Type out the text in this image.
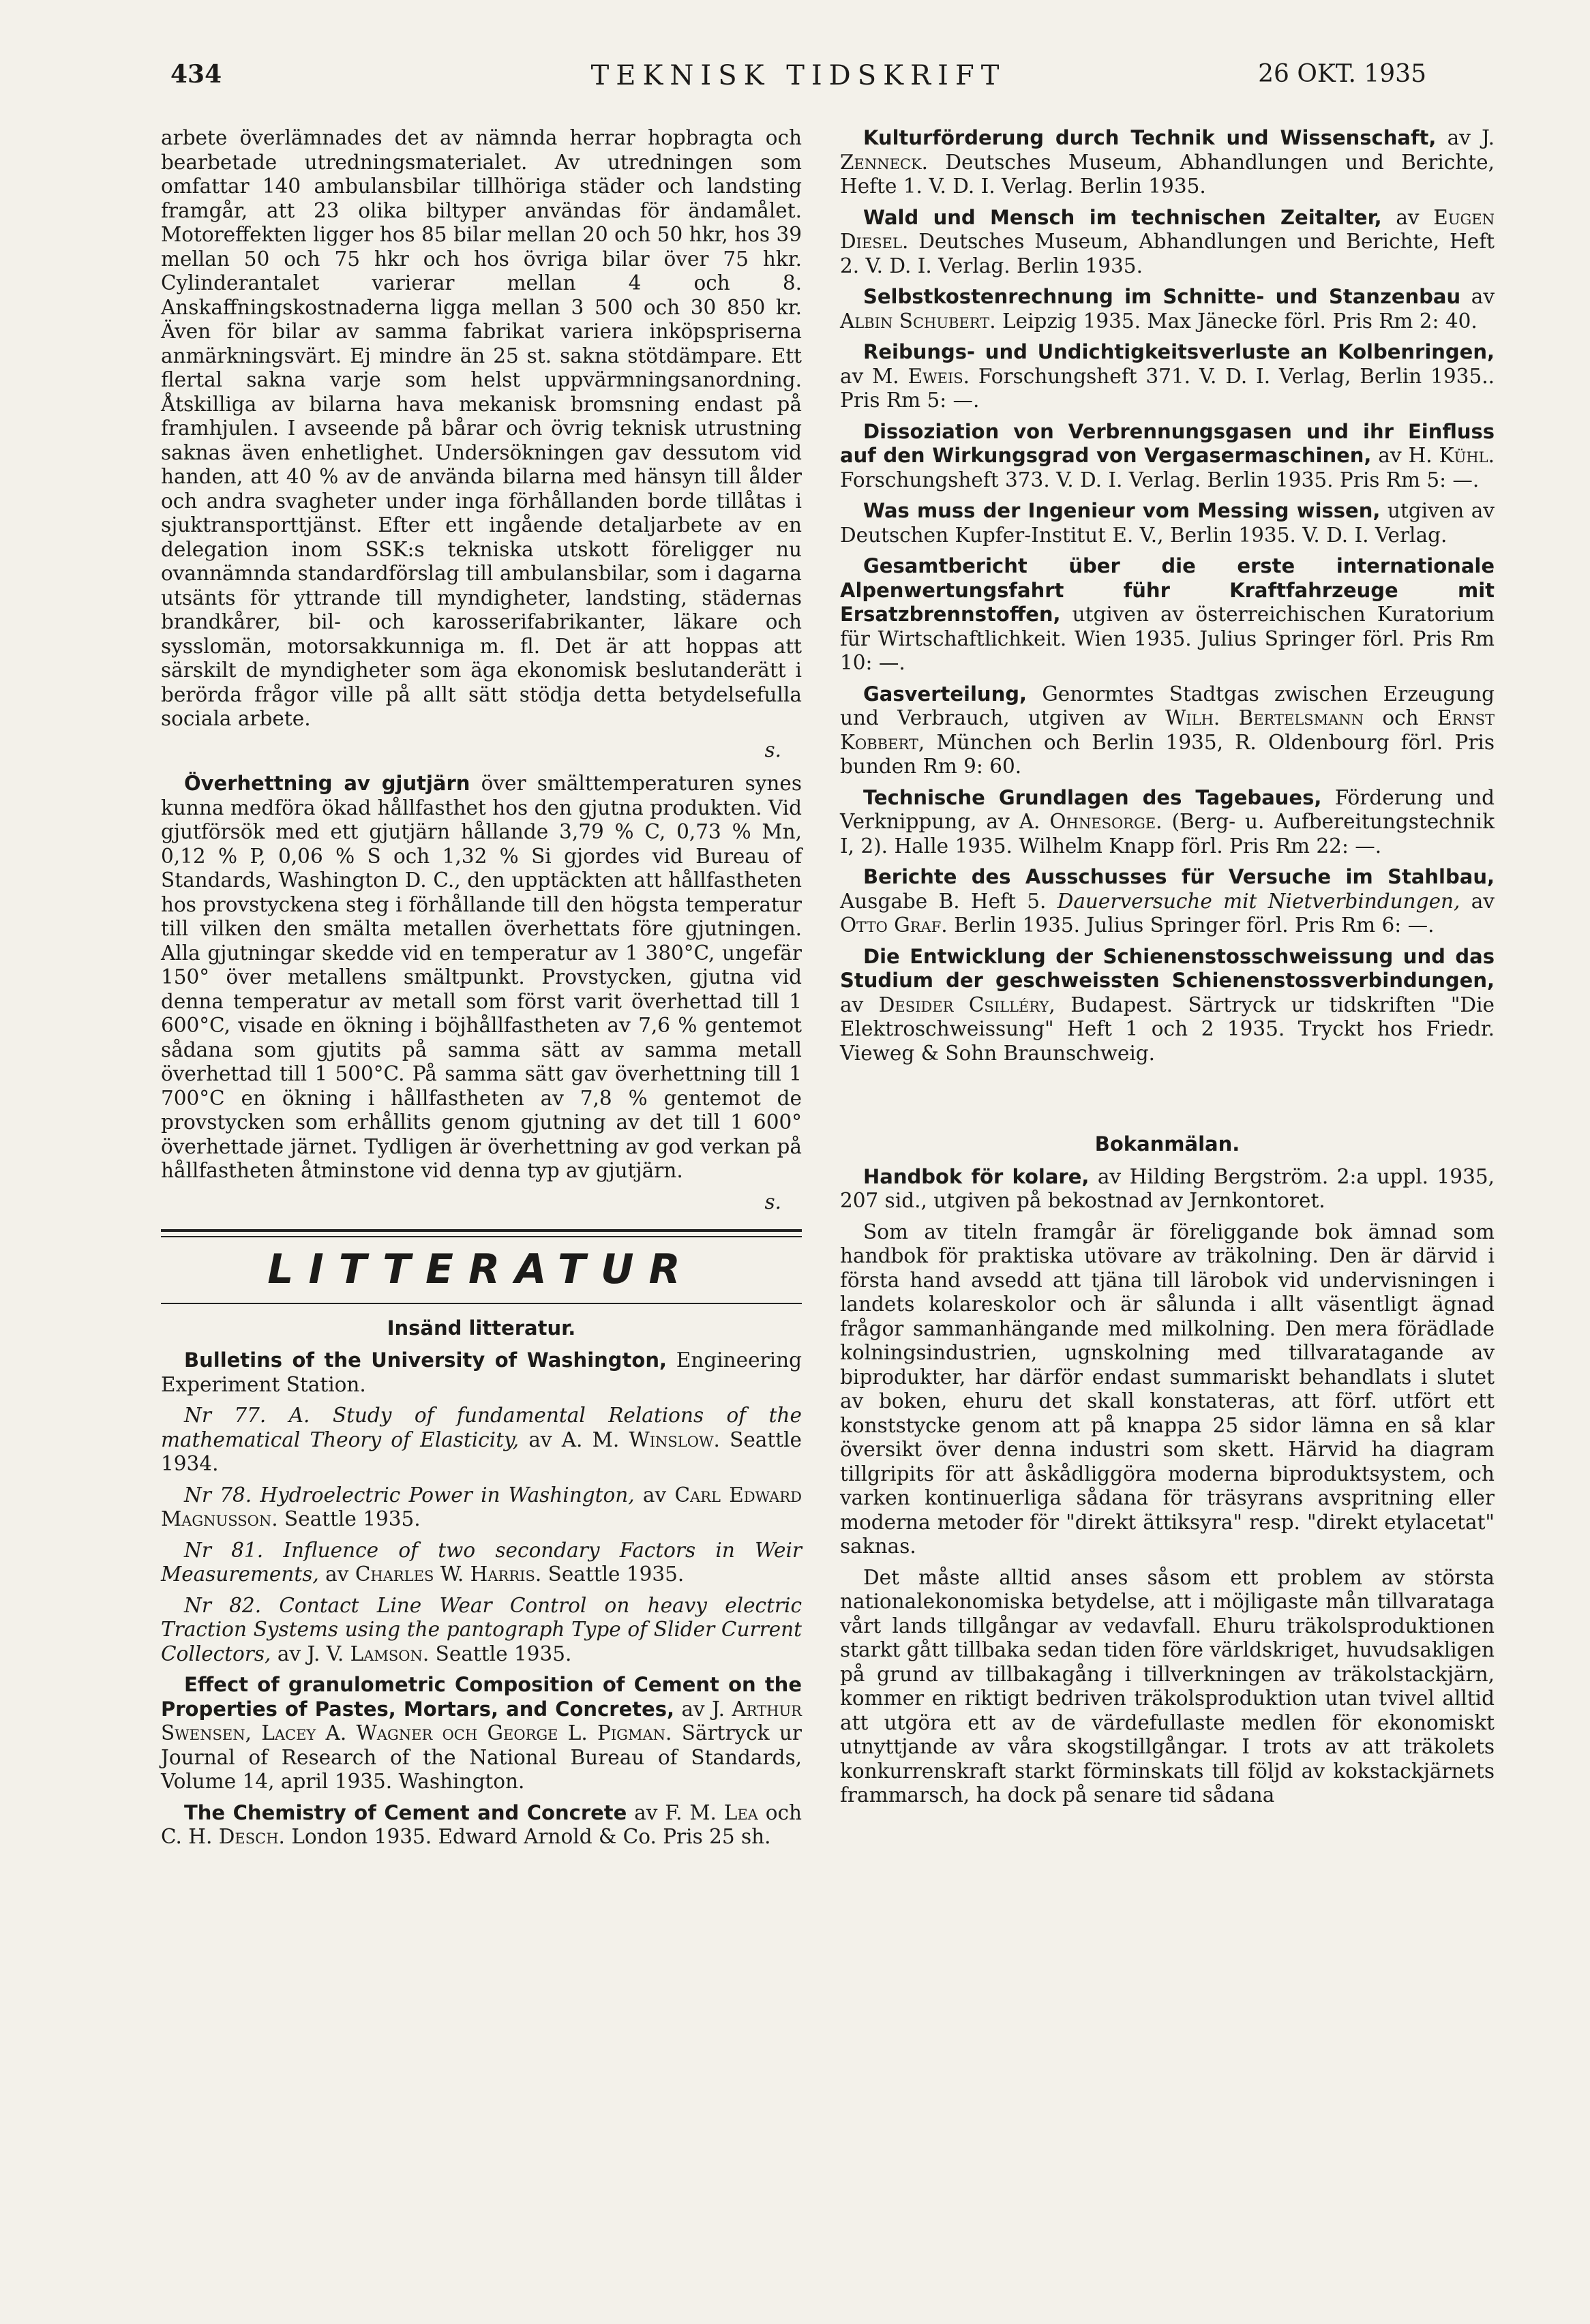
434	TEKNISK TIDSKRIFT	26 OKT. 1935

arbete överlämnades det av nämnda herrar hopbragta och bearbetade utredningsmaterialet. Av utredningen som omfattar 140 ambulansbilar tillhöriga städer och landsting framgår, att 23 olika biltyper användas för ändamålet. Motoreffekten ligger hos 85 bilar mellan 20 och 50 hkr, hos 39 mellan 50 och 75 hkr och hos övriga bilar över 75 hkr. Cylinderantalet varierar mellan 4 och 8. Anskaffningskostnaderna ligga mellan 3 500 och 30 850 kr. Även för bilar av samma fabrikat variera inköpspriserna anmärkningsvärt. Ej mindre än 25 st. sakna stötdämpare. Ett flertal sakna varje som helst uppvärmningsanordning. Åtskilliga av bilarna hava mekanisk bromsning endast på framhjulen. I avseende på bårar och övrig teknisk utrustning saknas även enhetlighet. Undersökningen gav dessutom vid handen, att 40 % av de använda bilarna med hänsyn till ålder och andra svagheter under inga förhållanden borde tillåtas i sjuktransporttjänst. Efter ett ingående detaljarbete av en delegation inom SSK:s tekniska utskott föreligger nu ovannämnda standardförslag till ambulansbilar, som i dagarna utsänts för yttrande till myndigheter, landsting, städernas brandkårer, bil- och karosserifabrikanter, läkare och sysslomän, motorsakkunniga m. fl. Det är att hoppas att särskilt de myndigheter som äga ekonomisk beslutanderätt i berörda frågor ville på allt sätt stödja detta betydelsefulla sociala arbete.

s.

Överhettning av gjutjärn över smälttemperaturen synes kunna medföra ökad hållfasthet hos den gjutna produkten. Vid gjutförsök med ett gjutjärn hållande 3,79 % C, 0,73 % Mn, 0,12 % P, 0,06 % S och 1,32 % Si gjordes vid Bureau of Standards, Washington D. C., den upptäckten att hållfastheten hos provstyckena steg i förhållande till den högsta temperatur till vilken den smälta metallen överhettats före gjutningen. Alla gjutningar skedde vid en temperatur av 1 380°C, ungefär 150° över metallens smältpunkt. Provstycken, gjutna vid denna temperatur av metall som först varit överhettad till 1 600°C, visade en ökning i böjhållfastheten av 7,6 % gentemot sådana som gjutits på samma sätt av samma metall överhettad till 1 500°C. På samma sätt gav överhettning till 1 700°C en ökning i hållfastheten av 7,8 % gentemot de provstycken som erhållits genom gjutning av det till 1 600° överhettade järnet. Tydligen är överhettning av god verkan på hållfastheten åtminstone vid denna typ av gjutjärn.

s.
LITTERATUR
Insänd litteratur.

Bulletins of the University of Washington, Engineering Experiment Station.

Nr 77. A. Study of fundamental Relations of the mathematical Theory of Elasticity, av A. M. Winslow. Seattle 1934.

Nr 78. Hydroelectric Power in Washington, av Carl Edward Magnusson. Seattle 1935.

Nr 81. Influence of two secondary Factors in Weir Measurements, av Charles W. Harris. Seattle 1935.

Nr 82. Contact Line Wear Control on heavy electric Traction Systems using the pantograph Type of Slider Current Collectors, av J. V. Lamson. Seattle 1935.

Effect of granulometric Composition of Cement on the Properties of Pastes, Mortars, and Concretes, av J. Arthur Swensen, Lacey A. Wagner och George L. Pigman. Särtryck ur Journal of Research of the National Bureau of Standards, Volume 14, april 1935. Washington.

The Chemistry of Cement and Concrete av F. M. Lea och C. H. Desch. London 1935. Edward Arnold & Co. Pris 25 sh.

Kulturförderung durch Technik und Wissenschaft, av J. Zenneck. Deutsches Museum, Abhandlungen und Berichte, Hefte 1. V. D. I. Verlag. Berlin 1935.

Wald und Mensch im technischen Zeitalter, av Eugen Diesel. Deutsches Museum, Abhandlungen und Berichte, Heft 2. V. D. I. Verlag. Berlin 1935.

Selbstkostenrechnung im Schnitte- und Stanzenbau av Albin Schubert. Leipzig 1935. Max Jänecke förl. Pris Rm 2: 40.

Reibungs- und Undichtigkeitsverluste an Kolbenringen, av M. Eweis. Forschungsheft 371. V. D. I. Verlag, Berlin 1935.. Pris Rm 5: —.

Dissoziation von Verbrennungsgasen und ihr Einfluss auf den Wirkungsgrad von Vergasermaschinen, av H. Kühl. Forschungsheft 373. V. D. I. Verlag. Berlin 1935. Pris Rm 5: —.

Was muss der Ingenieur vom Messing wissen, utgiven av Deutschen Kupfer-Institut E. V., Berlin 1935. V. D. I. Verlag.

Gesamtbericht über die erste internationale Alpenwertungsfahrt führ Kraftfahrzeuge mit Ersatzbrennstoffen, utgiven av österreichischen Kuratorium für Wirtschaftlichkeit. Wien 1935. Julius Springer förl. Pris Rm 10: —.

Gasverteilung, Genormtes Stadtgas zwischen Erzeugung und Verbrauch, utgiven av Wilh. Bertelsmann och Ernst Kobbert, München och Berlin 1935, R. Oldenbourg förl. Pris bunden Rm 9: 60.

Technische Grundlagen des Tagebaues, Förderung und Verknippung, av A. Ohnesorge. (Berg- u. Aufbereitungstechnik I, 2). Halle 1935. Wilhelm Knapp förl. Pris Rm 22: —.

Berichte des Ausschusses für Versuche im Stahlbau, Ausgabe B. Heft 5. Dauerversuche mit Nietverbindungen, av Otto Graf. Berlin 1935. Julius Springer förl. Pris Rm 6: —.

Die Entwicklung der Schienenstosschweissung und das Studium der geschweissten Schienenstossverbindungen, av Desider Csilléry, Budapest. Särtryck ur tidskriften "Die Elektroschweissung" Heft 1 och 2 1935. Tryckt hos Friedr. Vieweg & Sohn Braunschweig.

Bokanmälan.

Handbok för kolare, av Hilding Bergström. 2:a uppl. 1935, 207 sid., utgiven på bekostnad av Jernkontoret.

Som av titeln framgår är föreliggande bok ämnad som handbok för praktiska utövare av träkolning. Den är därvid i första hand avsedd att tjäna till lärobok vid undervisningen i landets kolareskolor och är sålunda i allt väsentligt ägnad frågor sammanhängande med milkolning. Den mera förädlade kolningsindustrien, ugnskolning med tillvaratagande av biprodukter, har därför endast summariskt behandlats i slutet av boken, ehuru det skall konstateras, att förf. utfört ett konststycke genom att på knappa 25 sidor lämna en så klar översikt över denna industri som skett. Härvid ha diagram tillgripits för att åskådliggöra moderna biproduktsystem, och varken kontinuerliga sådana för träsyrans avspritning eller moderna metoder för "direkt ättiksyra" resp. "direkt etylacetat" saknas.

Det måste alltid anses såsom ett problem av största nationalekonomiska betydelse, att i möjligaste mån tillvarataga vårt lands tillgångar av vedavfall. Ehuru träkolsproduktionen starkt gått tillbaka sedan tiden före världskriget, huvudsakligen på grund av tillbakagång i tillverkningen av träkolstackjärn, kommer en riktigt bedriven träkolsproduktion utan tvivel alltid att utgöra ett av de värdefullaste medlen för ekonomiskt utnyttjande av våra skogstillgångar. I trots av att träkolets konkurrenskraft starkt förminskats till följd av kokstackjärnets frammarsch, ha dock på senare tid sådana
